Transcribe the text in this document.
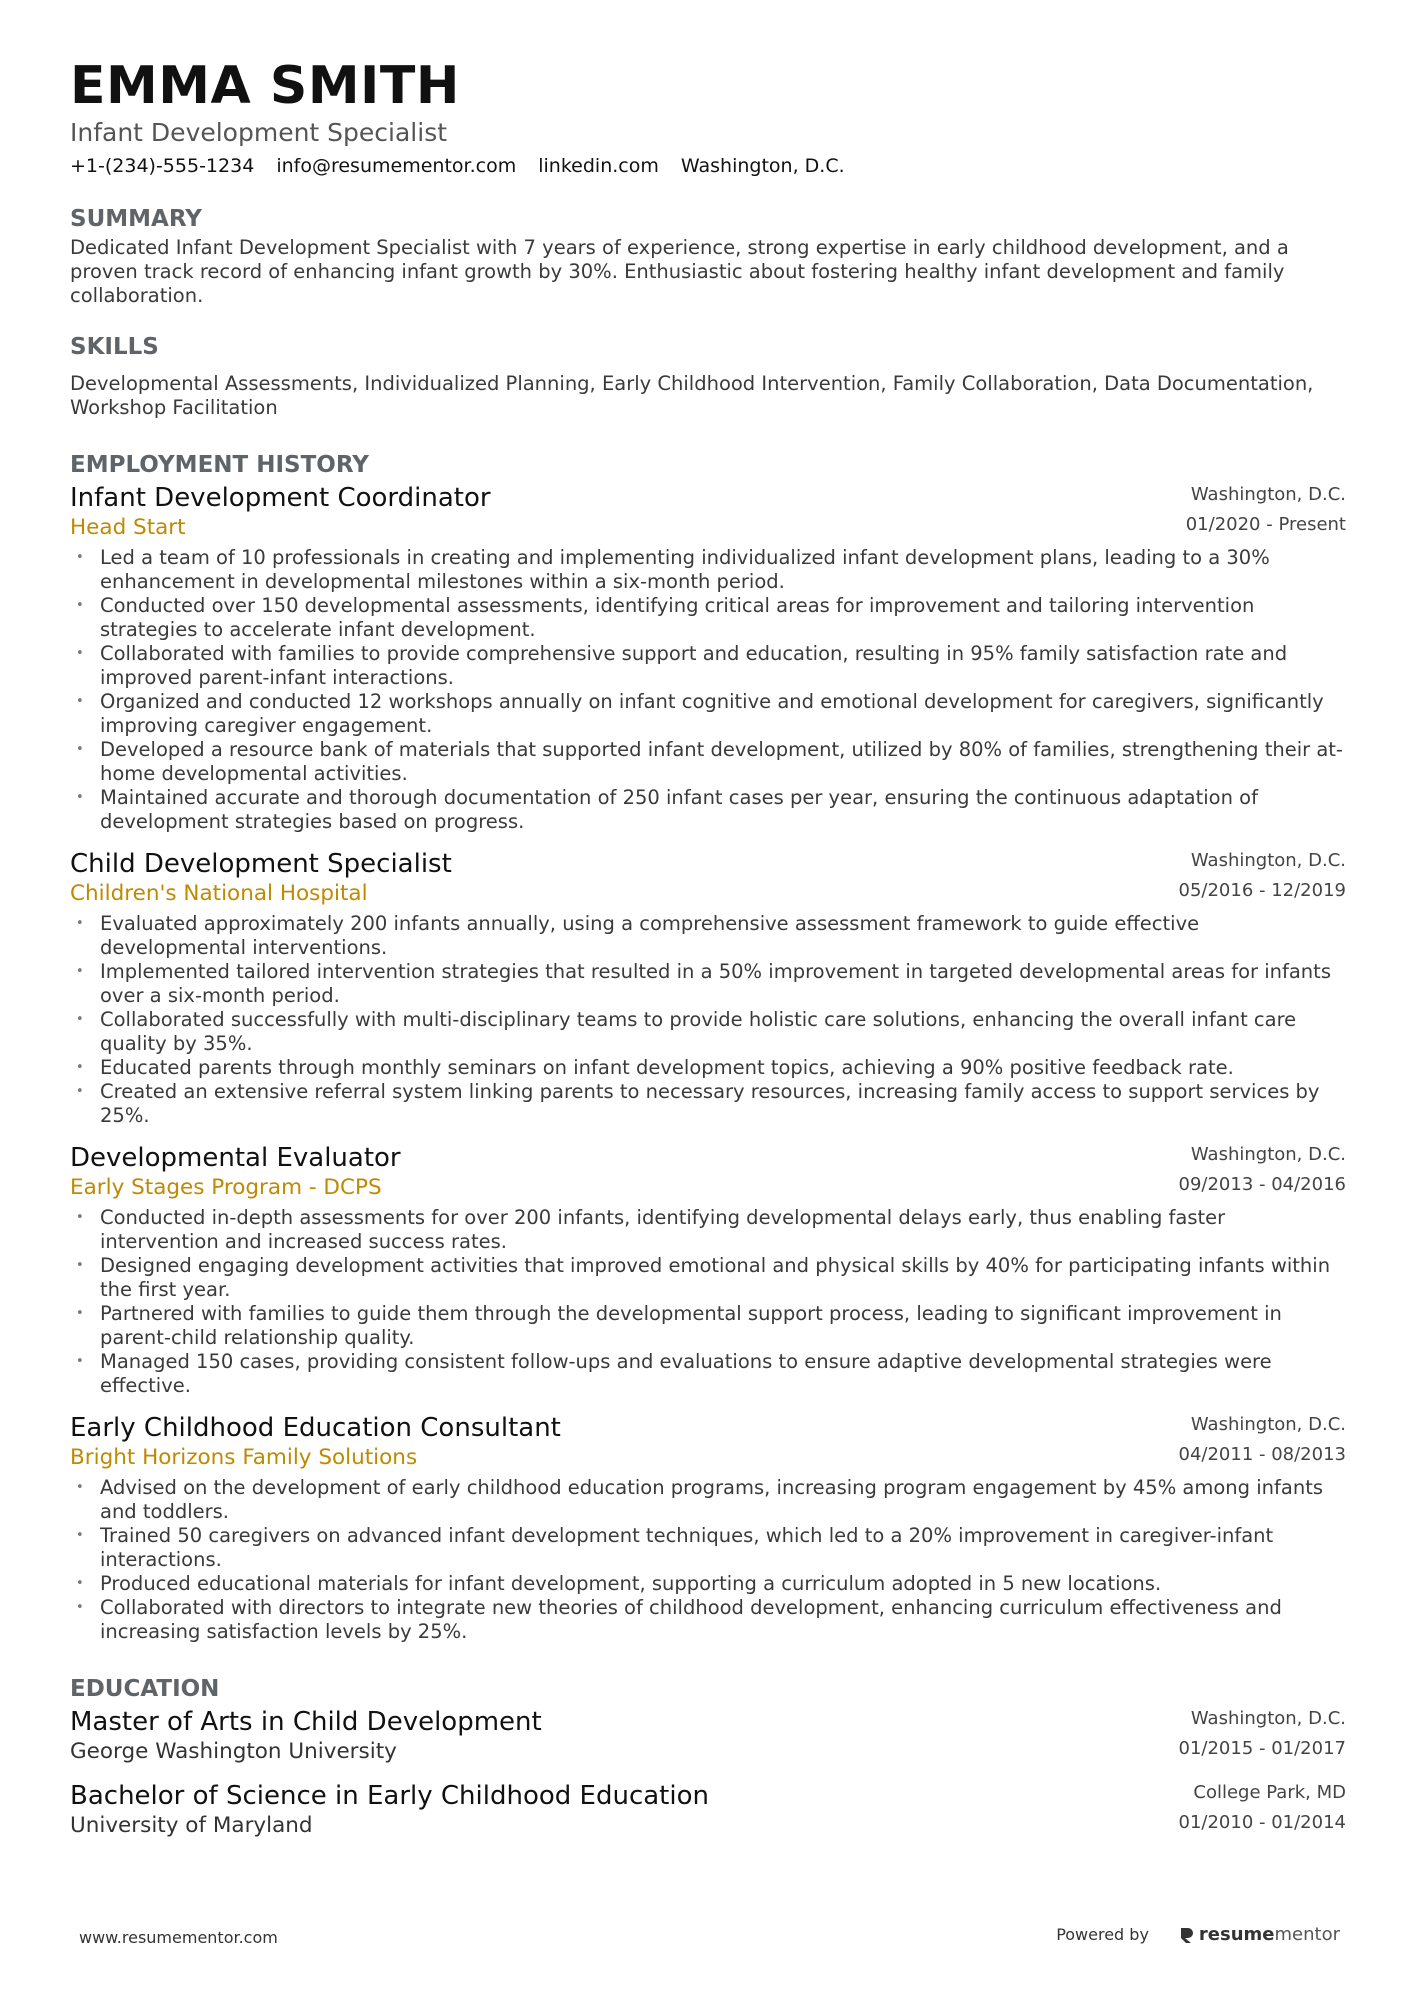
EMMA SMITH
Infant Development Specialist
+1-(234)-555-1234 info@resumementor.com linkedin.com Washington, D.C.
SUMMARY
Dedicated Infant Development Specialist with 7 years of experience, strong expertise in early childhood development, and a proven track record of enhancing infant growth by 30%. Enthusiastic about fostering healthy infant development and family collaboration.
SKILLS
Developmental Assessments, Individualized Planning, Early Childhood Intervention, Family Collaboration, Data Documentation, Workshop Facilitation
EMPLOYMENT HISTORY
Infant Development Coordinator
Head Start
Washington, D.C.
01/2020 - Present
• Led a team of 10 professionals in creating and implementing individualized infant development plans, leading to a 30% enhancement in developmental milestones within a six-month period.
• Conducted over 150 developmental assessments, identifying critical areas for improvement and tailoring intervention strategies to accelerate infant development.
• Collaborated with families to provide comprehensive support and education, resulting in 95% family satisfaction rate and improved parent-infant interactions.
• Organized and conducted 12 workshops annually on infant cognitive and emotional development for caregivers, significantly improving caregiver engagement.
• Developed a resource bank of materials that supported infant development, utilized by 80% of families, strengthening their at-home developmental activities.
• Maintained accurate and thorough documentation of 250 infant cases per year, ensuring the continuous adaptation of development strategies based on progress.
Child Development Specialist
Children's National Hospital
Washington, D.C.
05/2016 - 12/2019
• Evaluated approximately 200 infants annually, using a comprehensive assessment framework to guide effective developmental interventions.
• Implemented tailored intervention strategies that resulted in a 50% improvement in targeted developmental areas for infants over a six-month period.
• Collaborated successfully with multi-disciplinary teams to provide holistic care solutions, enhancing the overall infant care quality by 35%.
• Educated parents through monthly seminars on infant development topics, achieving a 90% positive feedback rate.
• Created an extensive referral system linking parents to necessary resources, increasing family access to support services by 25%.
Developmental Evaluator
Early Stages Program - DCPS
Washington, D.C.
09/2013 - 04/2016
• Conducted in-depth assessments for over 200 infants, identifying developmental delays early, thus enabling faster intervention and increased success rates.
• Designed engaging development activities that improved emotional and physical skills by 40% for participating infants within the first year.
• Partnered with families to guide them through the developmental support process, leading to significant improvement in parent-child relationship quality.
• Managed 150 cases, providing consistent follow-ups and evaluations to ensure adaptive developmental strategies were effective.
Early Childhood Education Consultant
Bright Horizons Family Solutions
Washington, D.C.
04/2011 - 08/2013
• Advised on the development of early childhood education programs, increasing program engagement by 45% among infants and toddlers.
• Trained 50 caregivers on advanced infant development techniques, which led to a 20% improvement in caregiver-infant interactions.
• Produced educational materials for infant development, supporting a curriculum adopted in 5 new locations.
• Collaborated with directors to integrate new theories of childhood development, enhancing curriculum effectiveness and increasing satisfaction levels by 25%.
EDUCATION
Master of Arts in Child Development
George Washington University
Washington, D.C.
01/2015 - 01/2017
Bachelor of Science in Early Childhood Education
University of Maryland
College Park, MD
01/2010 - 01/2014
www.resumementor.com	Powered by	resume mentor
